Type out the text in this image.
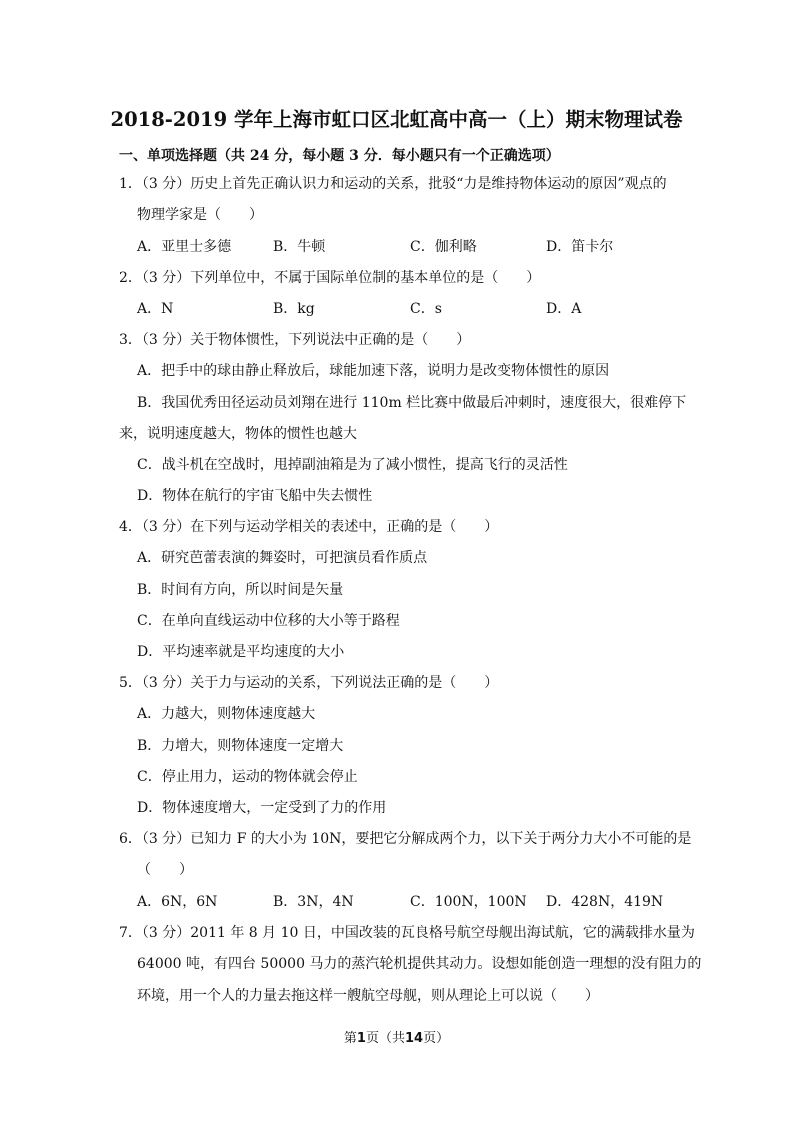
2018-2019 学年上海市虹口区北虹高中高一（上）期末物理试卷
一、单项选择题（共 24 分，每小题 3 分．每小题只有一个正确选项）
1．（3 分）历史上首先正确认识力和运动的关系，批驳“力是维持物体运动的原因”观点的
物理学家是（　　）
A．亚里士多德	B．牛顿	C．伽利略	D．笛卡尔
2．（3 分）下列单位中，不属于国际单位制的基本单位的是（　　）
A．N	B．kg	C．s	D．A
3．（3 分）关于物体惯性，下列说法中正确的是（　　）
A．把手中的球由静止释放后，球能加速下落，说明力是改变物体惯性的原因
B．我国优秀田径运动员刘翔在进行 110m 栏比赛中做最后冲刺时，速度很大，很难停下
来，说明速度越大，物体的惯性也越大
C．战斗机在空战时，甩掉副油箱是为了减小惯性，提高飞行的灵活性
D．物体在航行的宇宙飞船中失去惯性
4．（3 分）在下列与运动学相关的表述中，正确的是（　　）
A．研究芭蕾表演的舞姿时，可把演员看作质点
B．时间有方向，所以时间是矢量
C．在单向直线运动中位移的大小等于路程
D．平均速率就是平均速度的大小
5．（3 分）关于力与运动的关系，下列说法正确的是（　　）
A．力越大，则物体速度越大
B．力增大，则物体速度一定增大
C．停止用力，运动的物体就会停止
D．物体速度增大，一定受到了力的作用
6．（3 分）已知力 F 的大小为 10N，要把它分解成两个力，以下关于两分力大小不可能的是
（　　）
A．6N，6N	B．3N，4N	C．100N，100N D．428N，419N
7．（3 分）2011 年 8 月 10 日，中国改装的瓦良格号航空母舰出海试航，它的满载排水量为
64000 吨，有四台 50000 马力的蒸汽轮机提供其动力。设想如能创造一理想的没有阻力的
环境，用一个人的力量去拖这样一艘航空母舰，则从理论上可以说（　　）
第1页（共14页）
